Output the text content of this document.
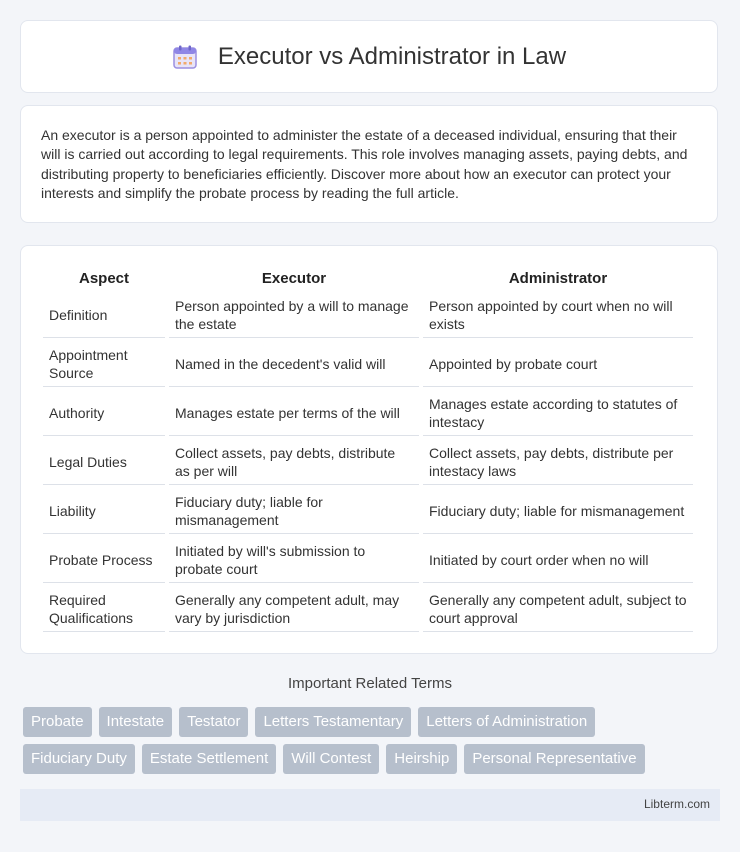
Executor vs Administrator in Law

An executor is a person appointed to administer the estate of a deceased individual, ensuring that their will is carried out according to legal requirements. This role involves managing assets, paying debts, and distributing property to beneficiaries efficiently. Discover more about how an executor can protect your interests and simplify the probate process by reading the full article.

Aspect	Executor	Administrator
Definition	Person appointed by a will to manage the estate	Person appointed by court when no will exists
Appointment Source	Named in the decedent's valid will	Appointed by probate court
Authority	Manages estate per terms of the will	Manages estate according to statutes of intestacy
Legal Duties	Collect assets, pay debts, distribute as per will	Collect assets, pay debts, distribute per intestacy laws
Liability	Fiduciary duty; liable for mismanagement	Fiduciary duty; liable for mismanagement
Probate Process	Initiated by will's submission to probate court	Initiated by court order when no will
Required Qualifications	Generally any competent adult, may vary by jurisdiction	Generally any competent adult, subject to court approval
Important Related Terms
Probate Intestate Testator Letters Testamentary Letters of Administration
Fiduciary Duty Estate Settlement Will Contest Heirship Personal Representative
Libterm.com
